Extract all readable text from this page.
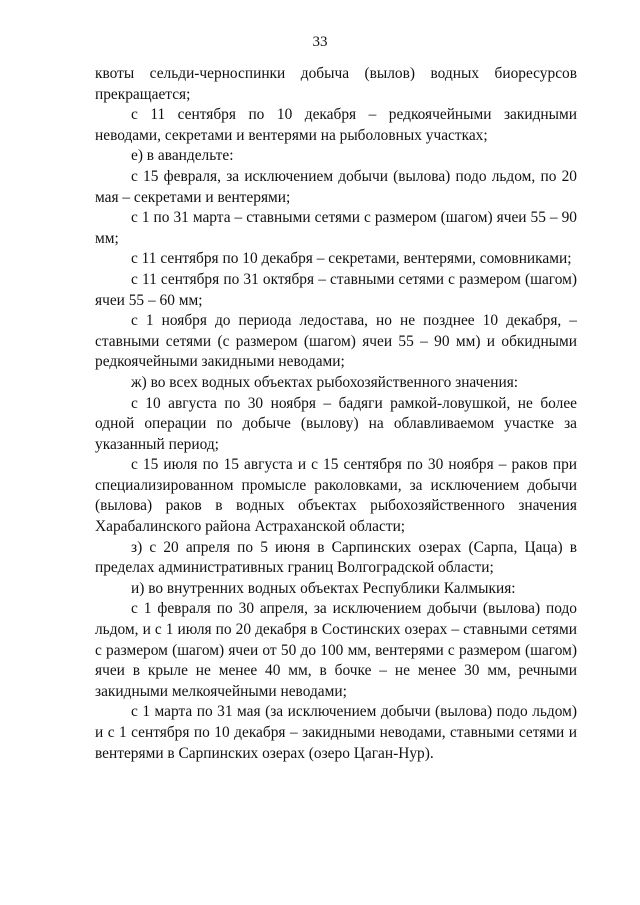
33

квоты сельди-черноспинки добыча (вылов) водных биоресурсов прекращается;

с 11 сентября по 10 декабря – редкоячейными закидными неводами, секретами и вентерями на рыболовных участках;

е) в авандельте:

с 15 февраля, за исключением добычи (вылова) подо льдом, по 20 мая – секретами и вентерями;

с 1 по 31 марта – ставными сетями с размером (шагом) ячеи 55 – 90 мм;

с 11 сентября по 10 декабря – секретами, вентерями, сомовниками;

с 11 сентября по 31 октября – ставными сетями с размером (шагом) ячеи 55 – 60 мм;

с 1 ноября до периода ледостава, но не позднее 10 декабря, – ставными сетями (с размером (шагом) ячеи 55 – 90 мм) и обкидными редкоячейными закидными неводами;

ж) во всех водных объектах рыбохозяйственного значения:

с 10 августа по 30 ноября – бадяги рамкой-ловушкой, не более одной операции по добыче (вылову) на облавливаемом участке за указанный период;

с 15 июля по 15 августа и с 15 сентября по 30 ноября – раков при специализированном промысле раколовками, за исключением добычи (вылова) раков в водных объектах рыбохозяйственного значения Харабалинского района Астраханской области;

з) с 20 апреля по 5 июня в Сарпинских озерах (Сарпа, Цаца) в пределах административных границ Волгоградской области;

и) во внутренних водных объектах Республики Калмыкия:

с 1 февраля по 30 апреля, за исключением добычи (вылова) подо льдом, и с 1 июля по 20 декабря в Состинских озерах – ставными сетями с размером (шагом) ячеи от 50 до 100 мм, вентерями с размером (шагом) ячеи в крыле не менее 40 мм, в бочке – не менее 30 мм, речными закидными мелкоячейными неводами;

с 1 марта по 31 мая (за исключением добычи (вылова) подо льдом) и с 1 сентября по 10 декабря – закидными неводами, ставными сетями и вентерями в Сарпинских озерах (озеро Цаган-Нур).
